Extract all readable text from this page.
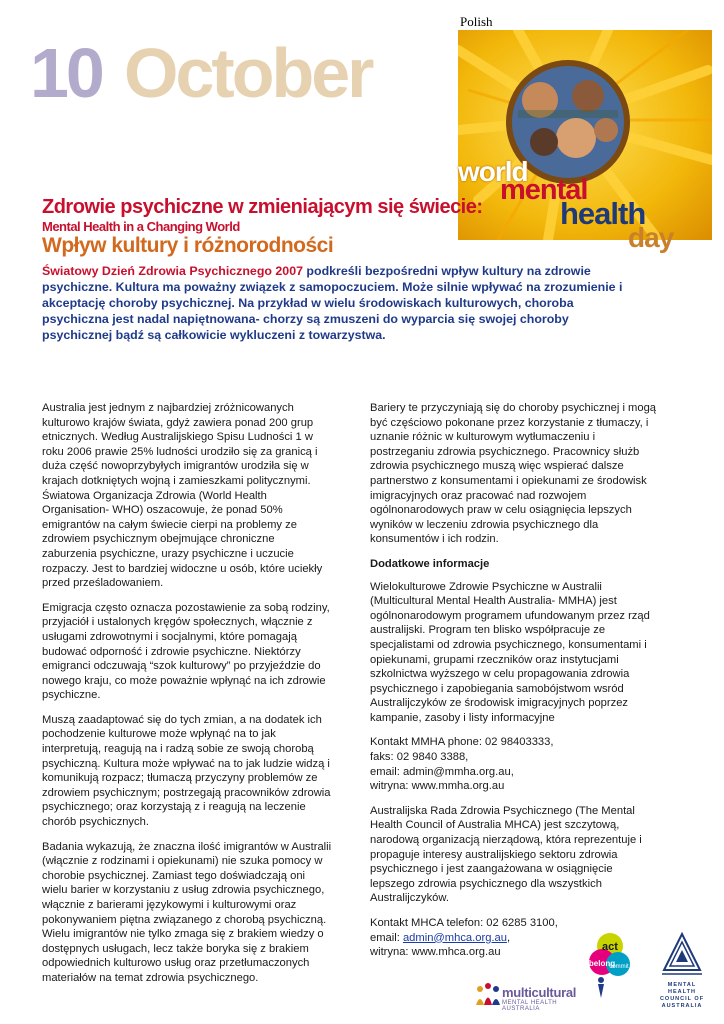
Polish
10 October
world
mental
health
day
Zdrowie psychiczne w zmieniającym się świecie:
Mental Health in a Changing World
Wpływ kultury i różnorodności
Światowy Dzień Zdrowia Psychicznego 2007 podkreśli bezpośredni wpływ kultury na zdrowie psychiczne. Kultura ma poważny związek z samopoczuciem. Może silnie wpływać na zrozumienie i akceptację choroby psychicznej. Na przykład w wielu środowiskach kulturowych, choroba psychiczna jest nadal napiętnowana- chorzy są zmuszeni do wyparcia się swojej choroby psychicznej bądź są całkowicie wykluczeni z towarzystwa.

Australia jest jednym z najbardziej zróżnicowanych kulturowo krajów świata, gdyż zawiera ponad 200 grup etnicznych. Według Australijskiego Spisu Ludności 1 w roku 2006 prawie 25% ludności urodziło się za granicą i duża część nowoprzybyłych imigrantów urodziła się w krajach dotkniętych wojną i zamieszkami politycznymi. Światowa Organizacja Zdrowia (World Health Organisation- WHO) oszacowuje, że ponad 50% emigrantów na całym świecie cierpi na problemy ze zdrowiem psychicznym obejmujące chroniczne zaburzenia psychiczne, urazy psychiczne i uczucie rozpaczy. Jest to bardziej widoczne u osób, które uciekły przed prześladowaniem.

Emigracja często oznacza pozostawienie za sobą rodziny, przyjaciół i ustalonych kręgów społecznych, włącznie z usługami zdrowotnymi i socjalnymi, które pomagają budować odporność i zdrowie psychiczne. Niektórzy emigranci odczuwają “szok kulturowy” po przyjeździe do nowego kraju, co może poważnie wpłynąć na ich zdrowie psychiczne.

Muszą zaadaptować się do tych zmian, a na dodatek ich pochodzenie kulturowe może wpłynąć na to jak interpretują, reagują na i radzą sobie ze swoją chorobą psychiczną. Kultura może wpływać na to jak ludzie widzą i komunikują rozpacz; tłumaczą przyczyny problemów ze zdrowiem psychicznym; postrzegają pracowników zdrowia psychicznego; oraz korzystają z i reagują na leczenie chorób psychicznych.

Badania wykazują, że znaczna ilość imigrantów w Australii (włącznie z rodzinami i opiekunami) nie szuka pomocy w chorobie psychicznej. Zamiast tego doświadczają oni wielu barier w korzystaniu z usług zdrowia psychicznego, włącznie z barierami językowymi i kulturowymi oraz pokonywaniem piętna związanego z chorobą psychiczną. Wielu imigrantów nie tylko zmaga się z brakiem wiedzy o dostępnych usługach, lecz także boryka się z brakiem odpowiednich kulturowo usług oraz przetłumaczonych materiałów na temat zdrowia psychicznego.

Bariery te przyczyniają się do choroby psychicznej i mogą być częściowo pokonane przez korzystanie z tłumaczy, i uznanie różnic w kulturowym wytłumaczeniu i postrzeganiu zdrowia psychicznego. Pracownicy służb zdrowia psychicznego muszą więc wspierać dalsze partnerstwo z konsumentami i opiekunami ze środowisk imigracyjnych oraz pracować nad rozwojem ogólnonarodowych praw w celu osiągnięcia lepszych wyników w leczeniu zdrowia psychicznego dla konsumentów i ich rodzin.

Dodatkowe informacje

Wielokulturowe Zdrowie Psychiczne w Australii (Multicultural Mental Health Australia- MMHA) jest ogólnonarodowym programem ufundowanym przez rząd australijski. Program ten blisko współpracuje ze specjalistami od zdrowia psychicznego, konsumentami i opiekunami, grupami rzeczników oraz instytucjami szkolnictwa wyższego w celu propagowania zdrowia psychicznego i zapobiegania samobójstwom wsród Australijczyków ze środowisk imigracyjnych poprzez kampanie, zasoby i listy informacyjne

Kontakt MMHA phone: 02 98403333,
faks: 02 9840 3388,
email: admin@mmha.org.au,
witryna: www.mmha.org.au

Australijska Rada Zdrowia Psychicznego (The Mental Health Council of Australia MHCA) jest szczytową, narodową organizacją nierządową, która reprezentuje i propaguje interesy australijskiego sektoru zdrowia psychicznego i jest zaangażowana w osiągnięcie lepszego zdrowia psychicznego dla wszystkich Australijczyków.

Kontakt MHCA telefon: 02 6285 3100,
email: admin@mhca.org.au,
witryna: www.mhca.org.au

multicultural
MENTAL HEALTH AUSTRALIA
act
belong
commit
MENTAL
HEALTH
COUNCIL OF
AUSTRALIA
